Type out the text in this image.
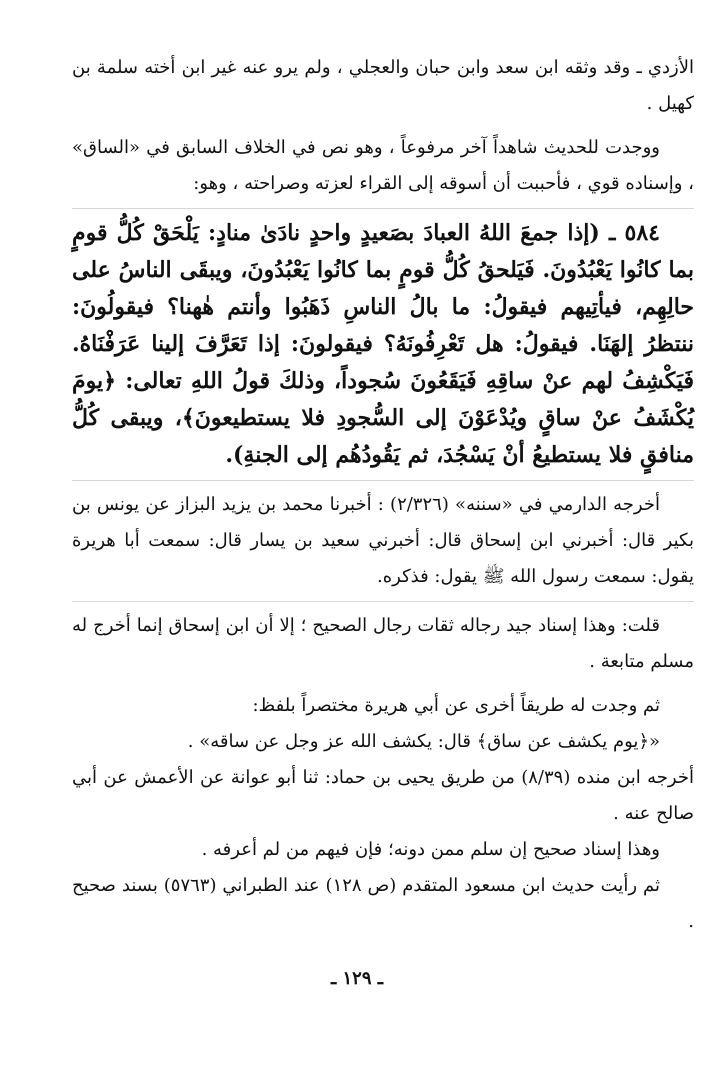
الأزدي ـ وقد وثقه ابن سعد وابن حبان والعجلي ، ولم يرو عنه غير ابن أخته سلمة بن كهيل .

ووجدت للحديث شاهداً آخر مرفوعاً ، وهو نص في الخلاف السابق في «الساق» ، وإسناده قوي ، فأحببت أن أسوقه إلى القراء لعزته وصراحته ، وهو:

٥٨٤ ـ (إذا جمعَ اللهُ العبادَ بصَعيدٍ واحدٍ نادَىٰ منادٍ: يَلْحَقْ كُلُّ قومٍ بما كانُوا يَعْبُدُونَ. فَيَلحقُ كُلُّ قومٍ بما كانُوا يَعْبُدُونَ، ويبقَى الناسُ على حالِهِم، فيأتِيهم فيقولُ: ما بالُ الناسِ ذَهَبُوا وأنتم هٰهنا؟ فيقولُونَ: ننتظرُ إلهَنَا. فيقولُ: هل تَعْرِفُونَهُ؟ فيقولونَ: إذا تَعَرَّفَ إلينا عَرَفْنَاهُ. فَيَكْشِفُ لهم عنْ ساقِهِ فَيَقَعُونَ سُجوداً، وذلكَ قولُ اللهِ تعالى: ﴿يومَ يُكْشَفُ عنْ ساقٍ ويُدْعَوْنَ إلى السُّجودِ فلا يستطيعونَ﴾، ويبقى كُلُّ منافقٍ فلا يستطيعُ أنْ يَسْجُدَ، ثم يَقُودُهُم إلى الجنةِ).

أخرجه الدارمي في «سننه» (٢/٣٢٦) : أخبرنا محمد بن يزيد البزاز عن يونس بن بكير قال: أخبرني ابن إسحاق قال: أخبرني سعيد بن يسار قال: سمعت أبا هريرة يقول: سمعت رسول الله ﷺ يقول: فذكره.

قلت: وهذا إسناد جيد رجاله ثقات رجال الصحيح ؛ إلا أن ابن إسحاق إنما أخرج له مسلم متابعة .

ثم وجدت له طريقاً أخرى عن أبي هريرة مختصراً بلفظ:

«﴿يوم يكشف عن ساق﴾ قال: يكشف الله عز وجل عن ساقه» .

أخرجه ابن منده (٨/٣٩) من طريق يحيى بن حماد: ثنا أبو عوانة عن الأعمش عن أبي صالح عنه .

وهذا إسناد صحيح إن سلم ممن دونه؛ فإن فيهم من لم أعرفه .

ثم رأيت حديث ابن مسعود المتقدم (ص ١٢٨) عند الطبراني (٥٧٦٣) بسند صحيح .

ـ ١٢٩ ـ
